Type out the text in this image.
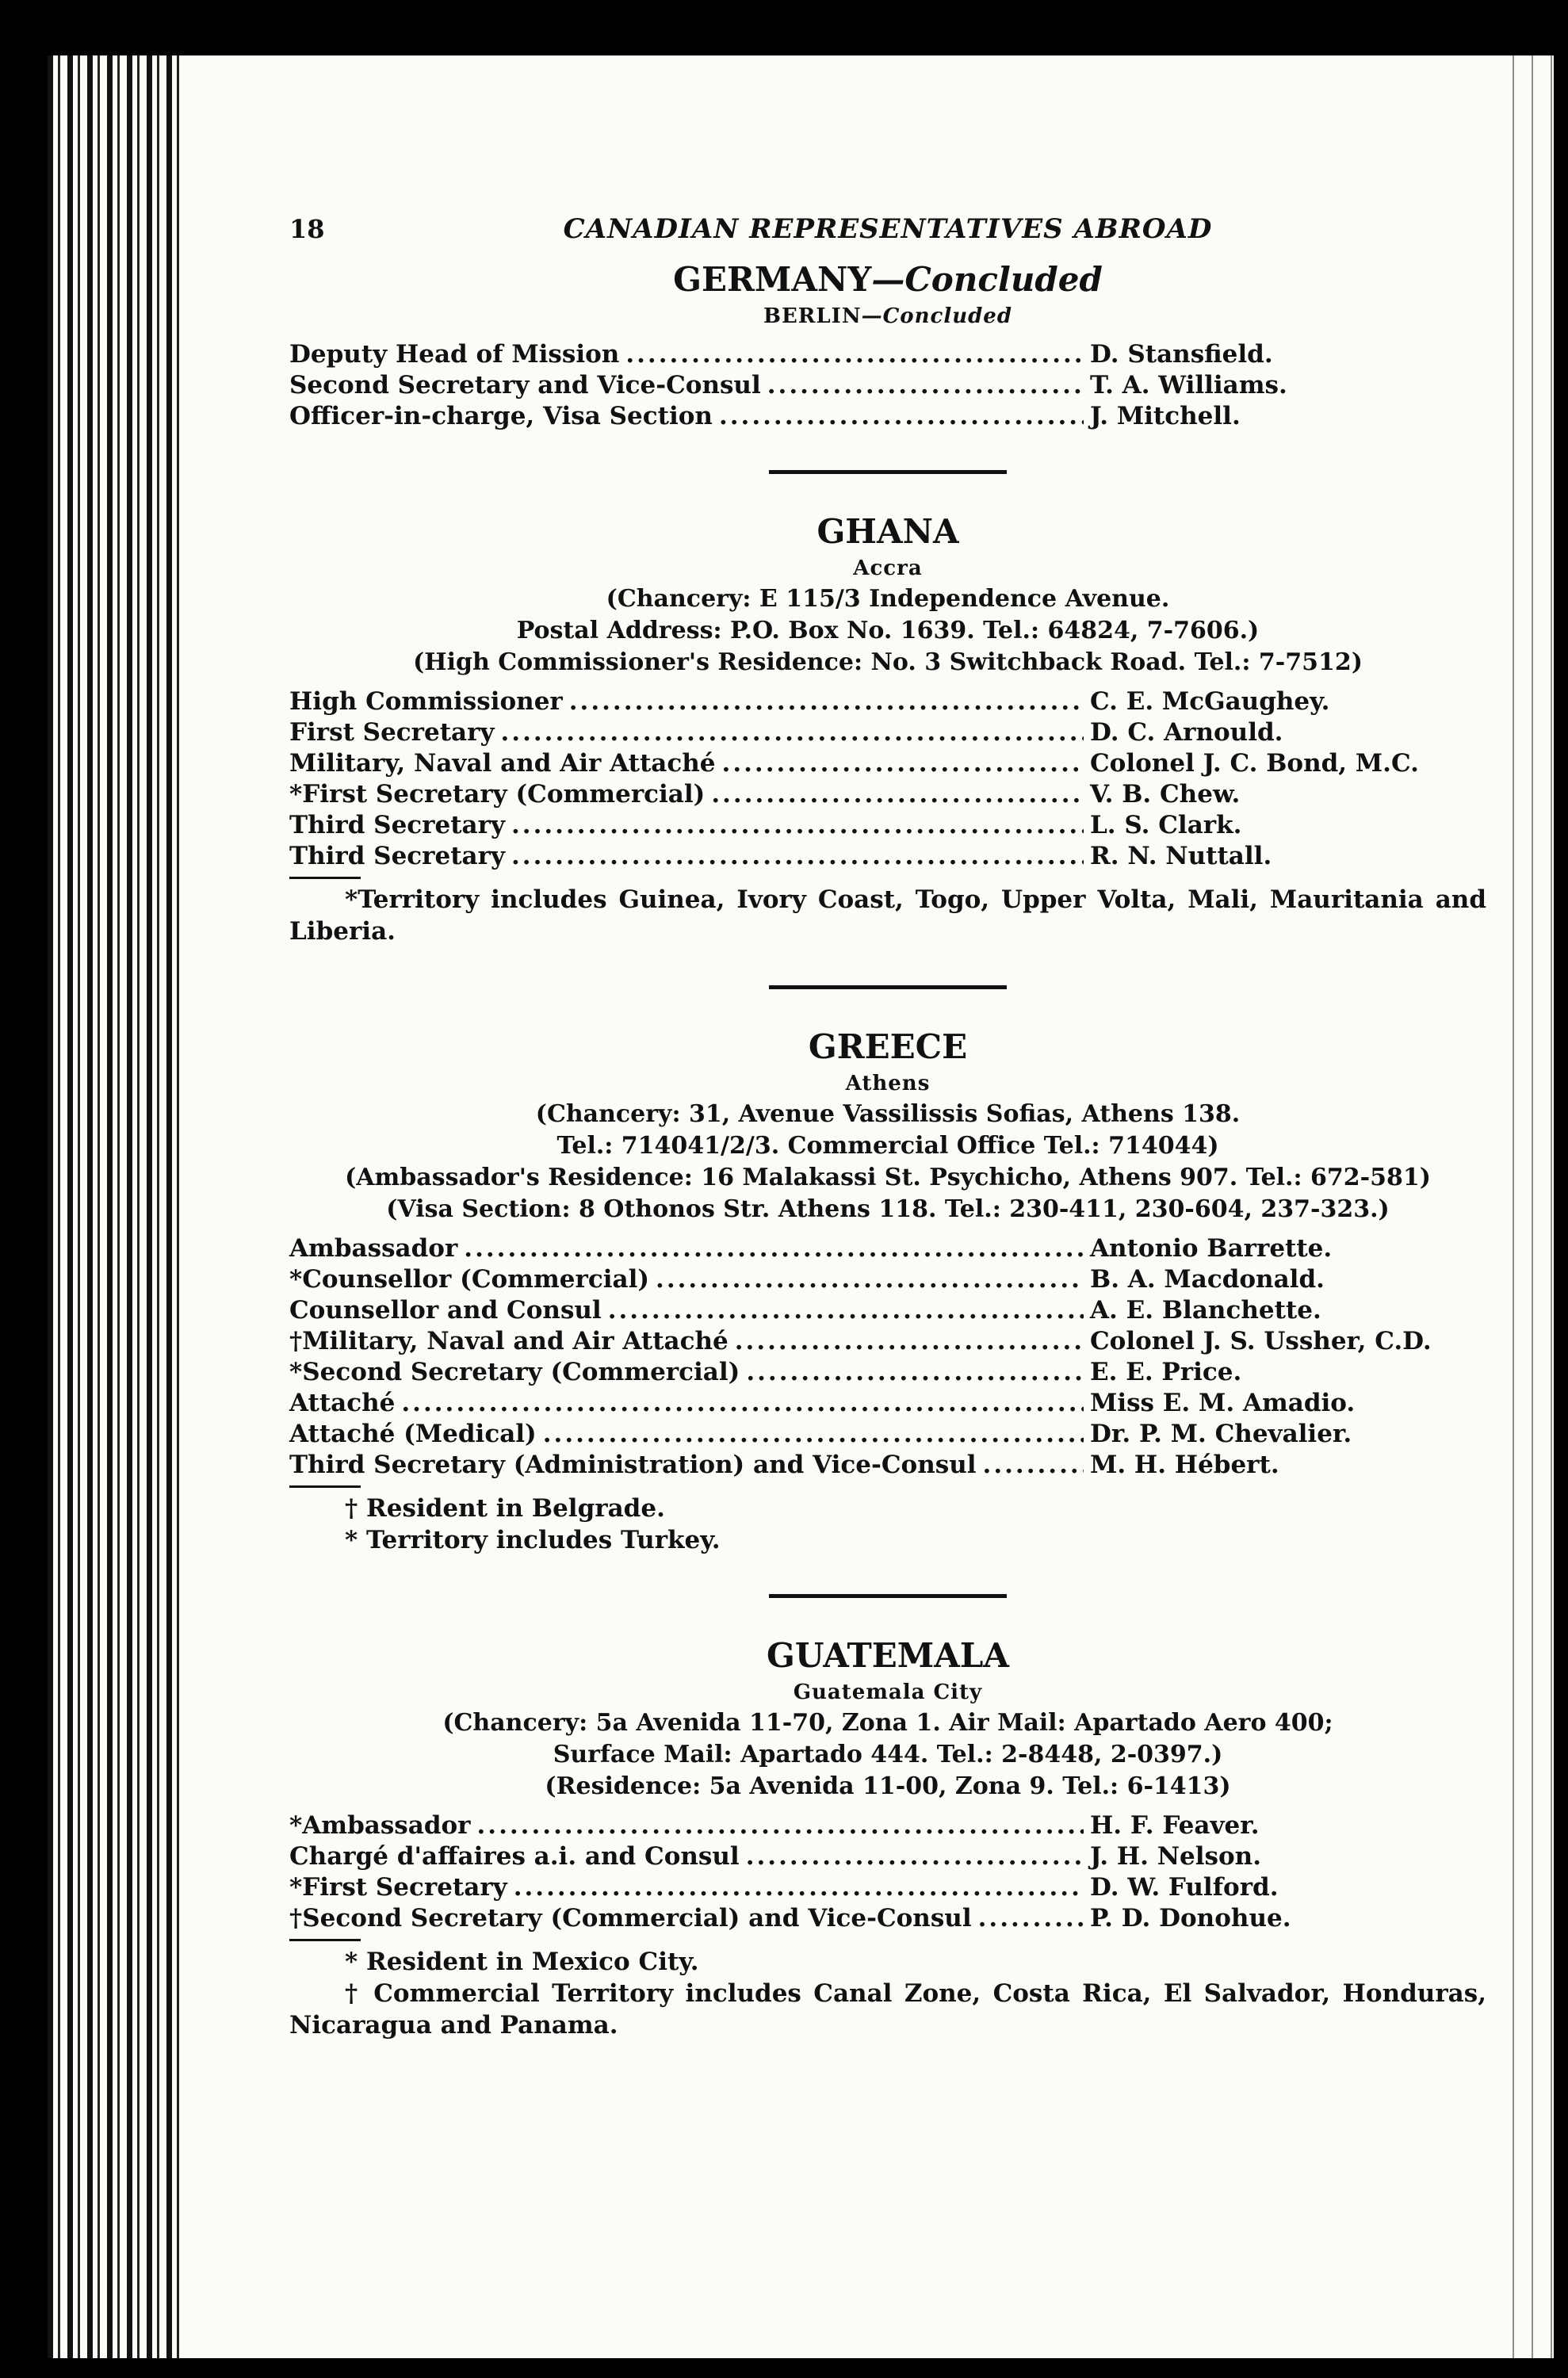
18	CANADIAN REPRESENTATIVES ABROAD
GERMANY—Concluded
BERLIN—Concluded
Deputy Head of Mission .....	D. Stansfield.
Second Secretary and Vice-Consul .....	T. A. Williams.
Officer-in-charge, Visa Section .....	J. Mitchell.
GHANA
Accra
(Chancery: E 115/3 Independence Avenue.
Postal Address: P.O. Box No. 1639. Tel.: 64824, 7-7606.)
(High Commissioner's Residence: No. 3 Switchback Road. Tel.: 7-7512)
High Commissioner .....	C. E. McGaughey.
First Secretary .....	D. C. Arnould.
Military, Naval and Air Attaché .....	Colonel J. C. Bond, M.C.
*First Secretary (Commercial) .....	V. B. Chew.
Third Secretary .....	L. S. Clark.
Third Secretary .....	R. N. Nuttall.
*Territory includes Guinea, Ivory Coast, Togo, Upper Volta, Mali, Mauritania and Liberia.
GREECE
Athens
(Chancery: 31, Avenue Vassilissis Sofias, Athens 138.
Tel.: 714041/2/3. Commercial Office Tel.: 714044)
(Ambassador's Residence: 16 Malakassi St. Psychicho, Athens 907. Tel.: 672-581)
(Visa Section: 8 Othonos Str. Athens 118. Tel.: 230-411, 230-604, 237-323.)
Ambassador .....	Antonio Barrette.
*Counsellor (Commercial) .....	B. A. Macdonald.
Counsellor and Consul .....	A. E. Blanchette.
†Military, Naval and Air Attaché .....	Colonel J. S. Ussher, C.D.
*Second Secretary (Commercial) .....	E. E. Price.
Attaché .....	Miss E. M. Amadio.
Attaché (Medical) .....	Dr. P. M. Chevalier.
Third Secretary (Administration) and Vice-Consul .....	M. H. Hébert.
† Resident in Belgrade.
* Territory includes Turkey.
GUATEMALA
Guatemala City
(Chancery: 5a Avenida 11-70, Zona 1. Air Mail: Apartado Aero 400;
Surface Mail: Apartado 444. Tel.: 2-8448, 2-0397.)
(Residence: 5a Avenida 11-00, Zona 9. Tel.: 6-1413)
*Ambassador .....	H. F. Feaver.
Chargé d'affaires a.i. and Consul .....	J. H. Nelson.
*First Secretary .....	D. W. Fulford.
†Second Secretary (Commercial) and Vice-Consul .....	P. D. Donohue.
* Resident in Mexico City.
† Commercial Territory includes Canal Zone, Costa Rica, El Salvador, Honduras, Nicaragua and Panama.
